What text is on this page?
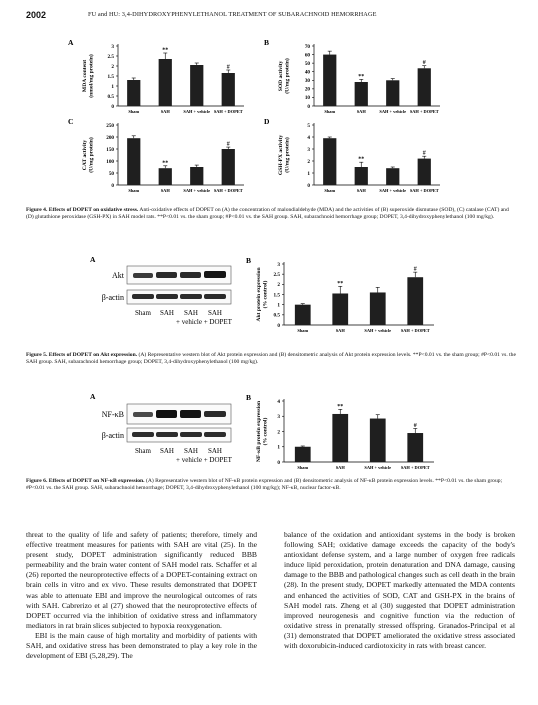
2002	FU and HU: 3,4-DIHYDROXYPHENYLETHANOL TREATMENT OF SUBARACHNOID HEMORRHAGE
A
MDA content(nmol/mg protein)
0
0.5
1
1.5
2
2.5
3
Sham
**
SAH	SAH + vehicle
#
SAH + DOPET
B
SOD activity(U/mg protein)
0
10
20
30
40
50
60
70
Sham
**
SAH	SAH + vehicle
#
SAH + DOPET
C
CAT activity(U/mg protein)
0
50
100
150
200
250
Sham
**
SAH	SAH + vehicle
#
SAH + DOPET
D
GSH-PX activity(U/mg protein)
0
1
2
3
4
5
Sham
**
SAH	SAH + vehicle
#
SAH + DOPET
Figure 4. Effects of DOPET on oxidative stress. Anti-oxidative effects of DOPET on (A) the concentration of malondialdehyde (MDA) and the activities of (B) superoxide dismutase (SOD), (C) catalase (CAT) and (D) glutathione peroxidase (GSH-PX) in SAH model rats. **P<0.01 vs. the sham group; #P<0.01 vs. the SAH group. SAH, subarachnoid hemorrhage group; DOPET, 3,4-dihydroxyphenylethanol (100 mg/kg).
A
Akt
β-actin
Sham SAH SAH SAH
+ vehicle + DOPET
B
Akt protein expression(% control)
0
0.5
1
1.5
2
2.5
3
Sham
**
SAH	SAH + vehicle
#
SAH + DOPET
Figure 5. Effects of DOPET on Akt expression. (A) Representative western blot of Akt protein expression and (B) densitometric analysis of Akt protein expression levels. **P<0.01 vs. the sham group; #P<0.01 vs. the SAH group. SAH, subarachnoid hemorrhage group; DOPET, 3,4-dihydroxyphenylethanol (100 mg/kg).
A
NF-κB
β-actin
Sham SAH SAH SAH
+ vehicle + DOPET
B
NF-κB protein expression(% control)
0
1
2
3
4
Sham
**
SAH	SAH + vehicle
#
SAH + DOPET
Figure 6. Effects of DOPET on NF-κB expression. (A) Representative western blot of NF-κB protein expression and (B) densitometric analysis of NF-κB protein expression levels. **P<0.01 vs. the sham group; #P<0.01 vs. the SAH group. SAH, subarachnoid hemorrhage; DOPET, 3,4-dihydroxyphenylethanol (100 mg/kg); NF-κB, nuclear factor-κB.

threat to the quality of life and safety of patients; therefore, timely and effective treatment measures for patients with SAH are vital (25). In the present study, DOPET administration significantly reduced BBB permeability and the brain water content of SAH model rats. Schaffer et al (26) reported the neuroprotective effects of a DOPET-containing extract on brain cells in vitro and ex vivo. These results demonstrated that DOPET was able to attenuate EBI and improve the neurological outcomes of rats with SAH. Cabrerizo et al (27) showed that the neuroprotective effects of DOPET occurred via the inhibition of oxidative stress and inflammatory mediators in rat brain slices subjected to hypoxia reoxygenation.

EBI is the main cause of high mortality and morbidity of patients with SAH, and oxidative stress has been demonstrated to play a key role in the development of EBI (5,28,29). The

balance of the oxidation and antioxidant systems in the body is broken following SAH; oxidative damage exceeds the capacity of the body's antioxidant defense system, and a large number of oxygen free radicals induce lipid peroxidation, protein denaturation and DNA damage, causing damage to the BBB and pathological changes such as cell death in the brain (28). In the present study, DOPET markedly attenuated the MDA contents and enhanced the activities of SOD, CAT and GSH-PX in the brains of SAH model rats. Zheng et al (30) suggested that DOPET administration improved neurogenesis and cognitive function via the reduction of oxidative stress in prenatally stressed offspring. Granados-Principal et al (31) demonstrated that DOPET ameliorated the oxidative stress associated with doxorubicin-induced cardiotoxicity in rats with breast cancer.
